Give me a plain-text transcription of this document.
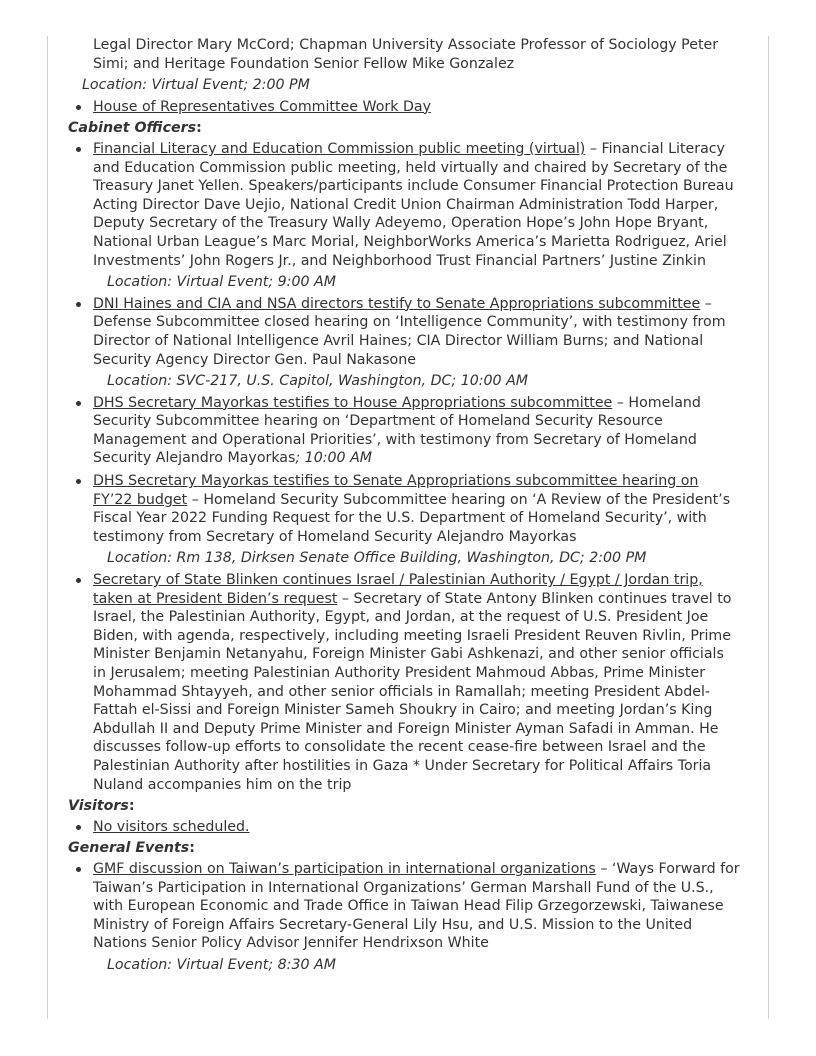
Legal Director Mary McCord; Chapman University Associate Professor of Sociology Peter Simi; and Heritage Foundation Senior Fellow Mike Gonzalez

Location: Virtual Event; 2:00 PM
House of Representatives Committee Work Day

Cabinet Officers:

Financial Literacy and Education Commission public meeting (virtual) – Financial Literacy and Education Commission public meeting, held virtually and chaired by Secretary of the Treasury Janet Yellen. Speakers/participants include Consumer Financial Protection Bureau Acting Director Dave Uejio, National Credit Union Chairman Administration Todd Harper, Deputy Secretary of the Treasury Wally Adeyemo, Operation Hope’s John Hope Bryant, National Urban League’s Marc Morial, NeighborWorks America’s Marietta Rodriguez, Ariel Investments’ John Rogers Jr., and Neighborhood Trust Financial Partners’ Justine Zinkin
Location: Virtual Event; 9:00 AM
DNI Haines and CIA and NSA directors testify to Senate Appropriations subcommittee – Defense Subcommittee closed hearing on ‘Intelligence Community’, with testimony from Director of National Intelligence Avril Haines; CIA Director William Burns; and National Security Agency Director Gen. Paul Nakasone
Location: SVC-217, U.S. Capitol, Washington, DC; 10:00 AM
DHS Secretary Mayorkas testifies to House Appropriations subcommittee – Homeland Security Subcommittee hearing on ‘Department of Homeland Security Resource Management and Operational Priorities’, with testimony from Secretary of Homeland Security Alejandro Mayorkas; 10:00 AM
DHS Secretary Mayorkas testifies to Senate Appropriations subcommittee hearing on FY’22 budget – Homeland Security Subcommittee hearing on ‘A Review of the President’s Fiscal Year 2022 Funding Request for the U.S. Department of Homeland Security’, with testimony from Secretary of Homeland Security Alejandro Mayorkas
Location: Rm 138, Dirksen Senate Office Building, Washington, DC; 2:00 PM
Secretary of State Blinken continues Israel / Palestinian Authority / Egypt / Jordan trip, taken at President Biden’s request – Secretary of State Antony Blinken continues travel to Israel, the Palestinian Authority, Egypt, and Jordan, at the request of U.S. President Joe Biden, with agenda, respectively, including meeting Israeli President Reuven Rivlin, Prime Minister Benjamin Netanyahu, Foreign Minister Gabi Ashkenazi, and other senior officials in Jerusalem; meeting Palestinian Authority President Mahmoud Abbas, Prime Minister Mohammad Shtayyeh, and other senior officials in Ramallah; meeting President Abdel-Fattah el-Sissi and Foreign Minister Sameh Shoukry in Cairo; and meeting Jordan’s King Abdullah II and Deputy Prime Minister and Foreign Minister Ayman Safadi in Amman. He discusses follow-up efforts to consolidate the recent cease-fire between Israel and the Palestinian Authority after hostilities in Gaza * Under Secretary for Political Affairs Toria Nuland accompanies him on the trip

Visitors:

No visitors scheduled.

General Events:

GMF discussion on Taiwan’s participation in international organizations – ‘Ways Forward for Taiwan’s Participation in International Organizations’ German Marshall Fund of the U.S., with European Economic and Trade Office in Taiwan Head Filip Grzegorzewski, Taiwanese Ministry of Foreign Affairs Secretary-General Lily Hsu, and U.S. Mission to the United Nations Senior Policy Advisor Jennifer Hendrixson White
Location: Virtual Event; 8:30 AM
